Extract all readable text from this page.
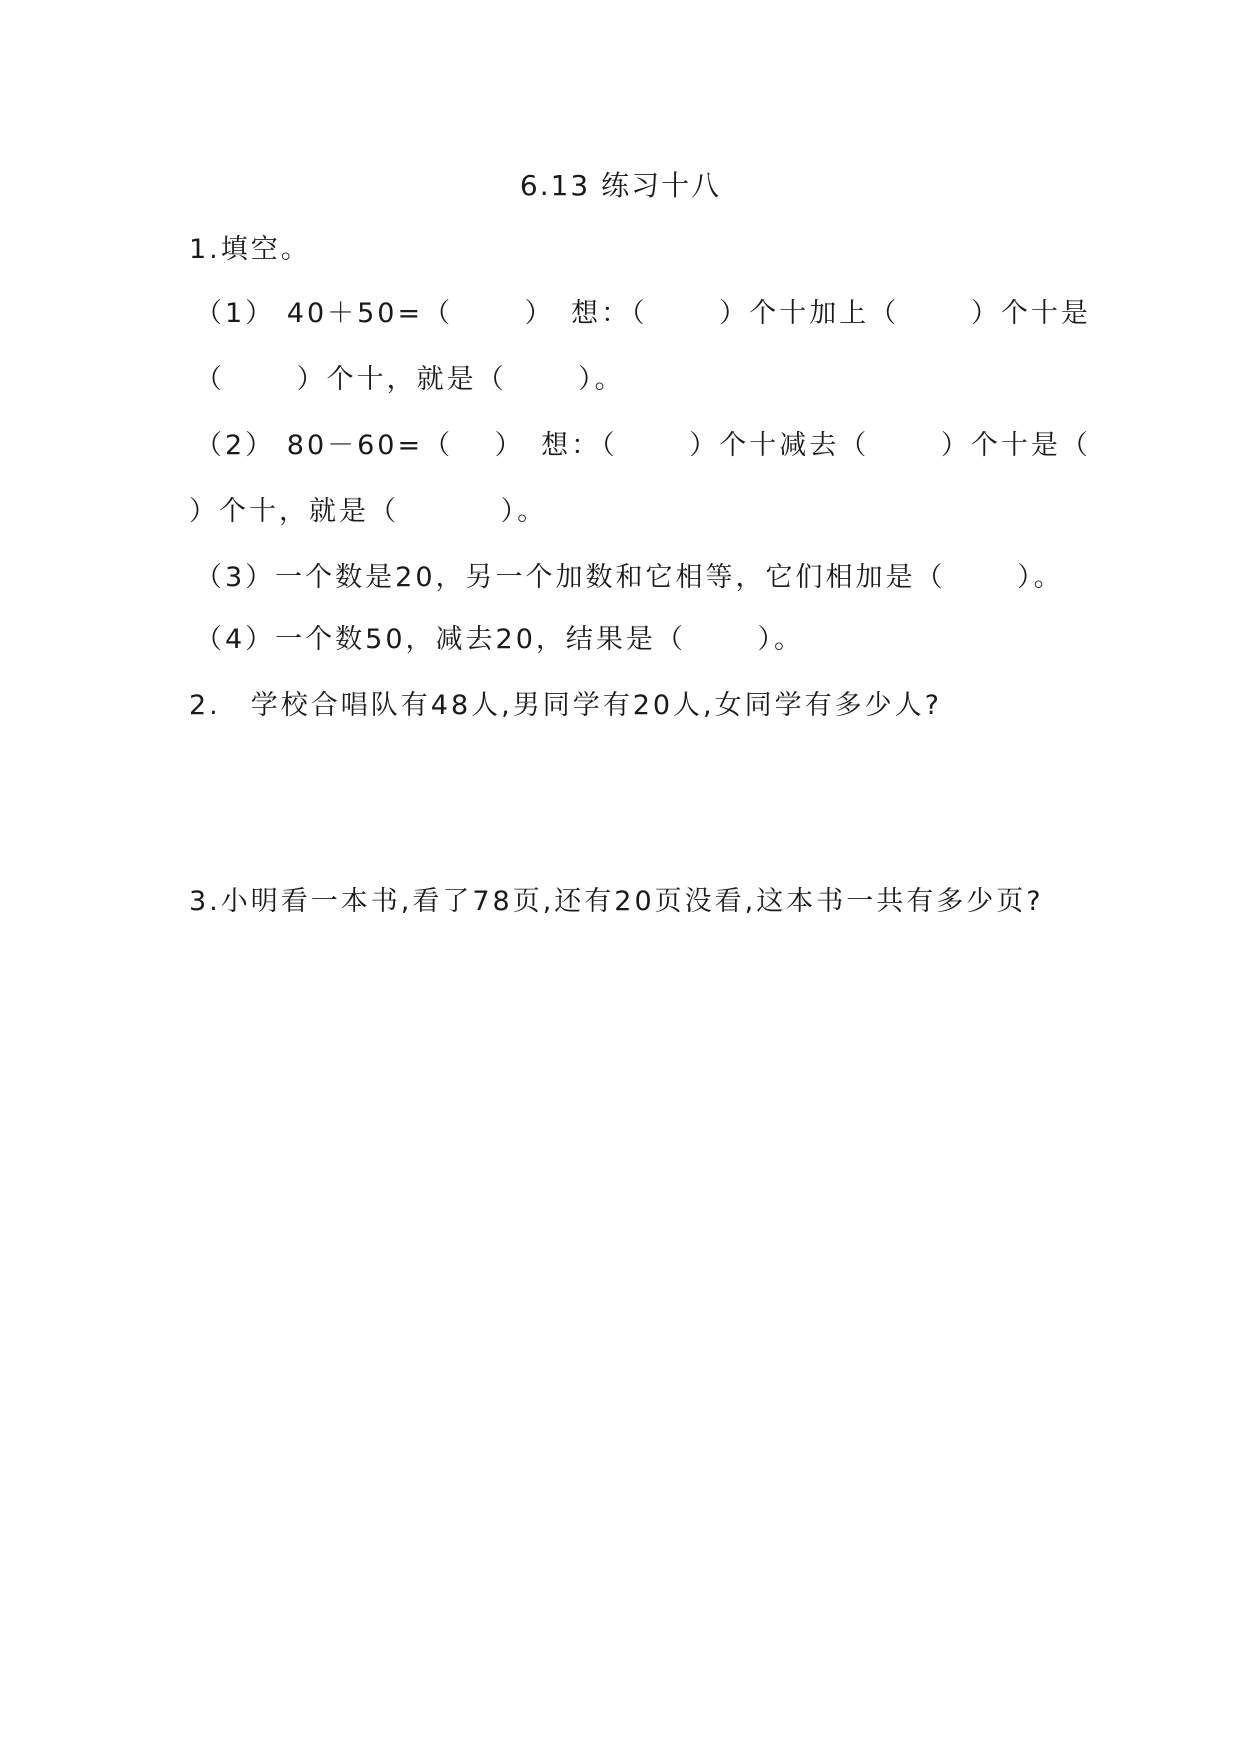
6.13 练习十八
1.填空。
（1） 40＋50=（　 　）　想：（　　 ）个十加上（　　 ）个十是
（　　 ）个十，就是（　　 ）。
（2） 80－60=（　 ）　想：（　 　）个十减去（　　 ）个十是（
）个十，就是（　　　 ）。
（3）一个数是20，另一个加数和它相等，它们相加是（　　 ）。
（4）一个数50，减去20，结果是（　　 ）。
2.　学校合唱队有48人,男同学有20人,女同学有多少人?
3.小明看一本书,看了78页,还有20页没看,这本书一共有多少页?
